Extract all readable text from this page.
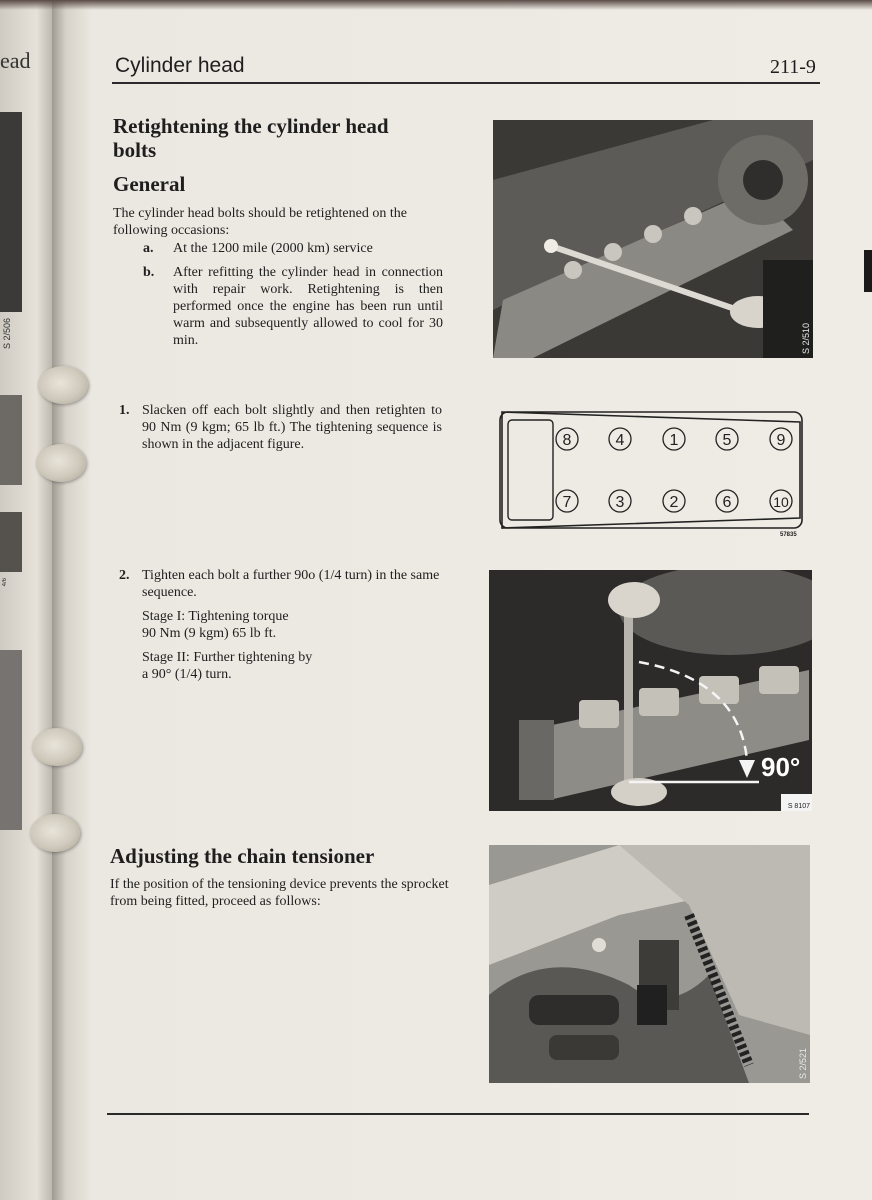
ead
S 2/506
4/6
Cylinder head	211-9
Retightening the cylinder head bolts
General

The cylinder head bolts should be retightened on the following occasions:

a. At the 1200 mile (2000 km) service
b. After refitting the cylinder head in connection with repair work. Retightening is then performed once the engine has been run until warm and subsequently allowed to cool for 30 min.
1. Slacken off each bolt slightly and then retighten to 90 Nm (9 kgm; 65 lb ft.) The tightening sequence is shown in the adjacent figure.
2. Tighten each bolt a further 90o (1/4 turn) in the same sequence.
Stage I: Tightening torque
90 Nm (9 kgm) 65 lb ft.
Stage II: Further tightening by
a 90° (1/4) turn.
Adjusting the chain tensioner

If the position of the tensioning device prevents the sprocket from being fitted, proceed as follows:

S 2/510
8	4	1	5	9
7	3	2	6	10
57835
90°
S 8107
S 2/521
